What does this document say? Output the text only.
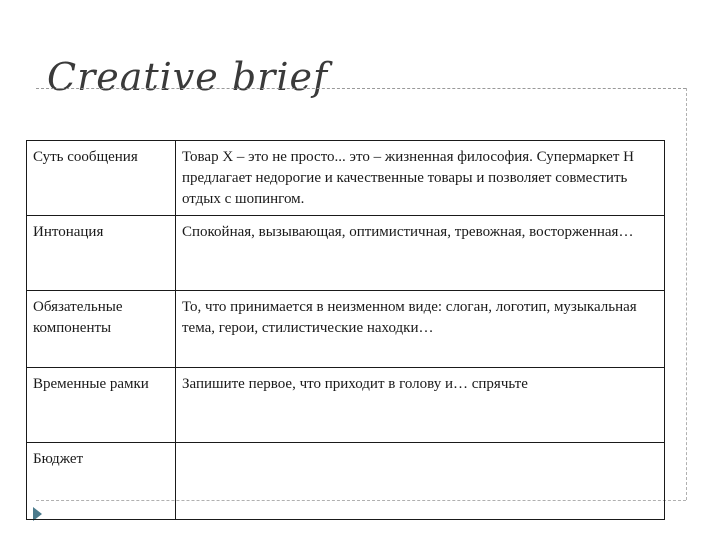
Creative brief
Суть сообщения	Товар Х – это не просто... это – жизненная философия. Супермаркет Н предлагает недорогие и качественные товары и позволяет совместить отдых с шопингом.
Интонация	Спокойная, вызывающая, оптимистичная, тревожная, восторженная…
Обязательные компоненты	То, что принимается в неизменном виде: слоган, логотип, музыкальная тема, герои, стилистические находки…
Временные рамки	Запишите первое, что приходит в голову и… спрячьте
Бюджет	
